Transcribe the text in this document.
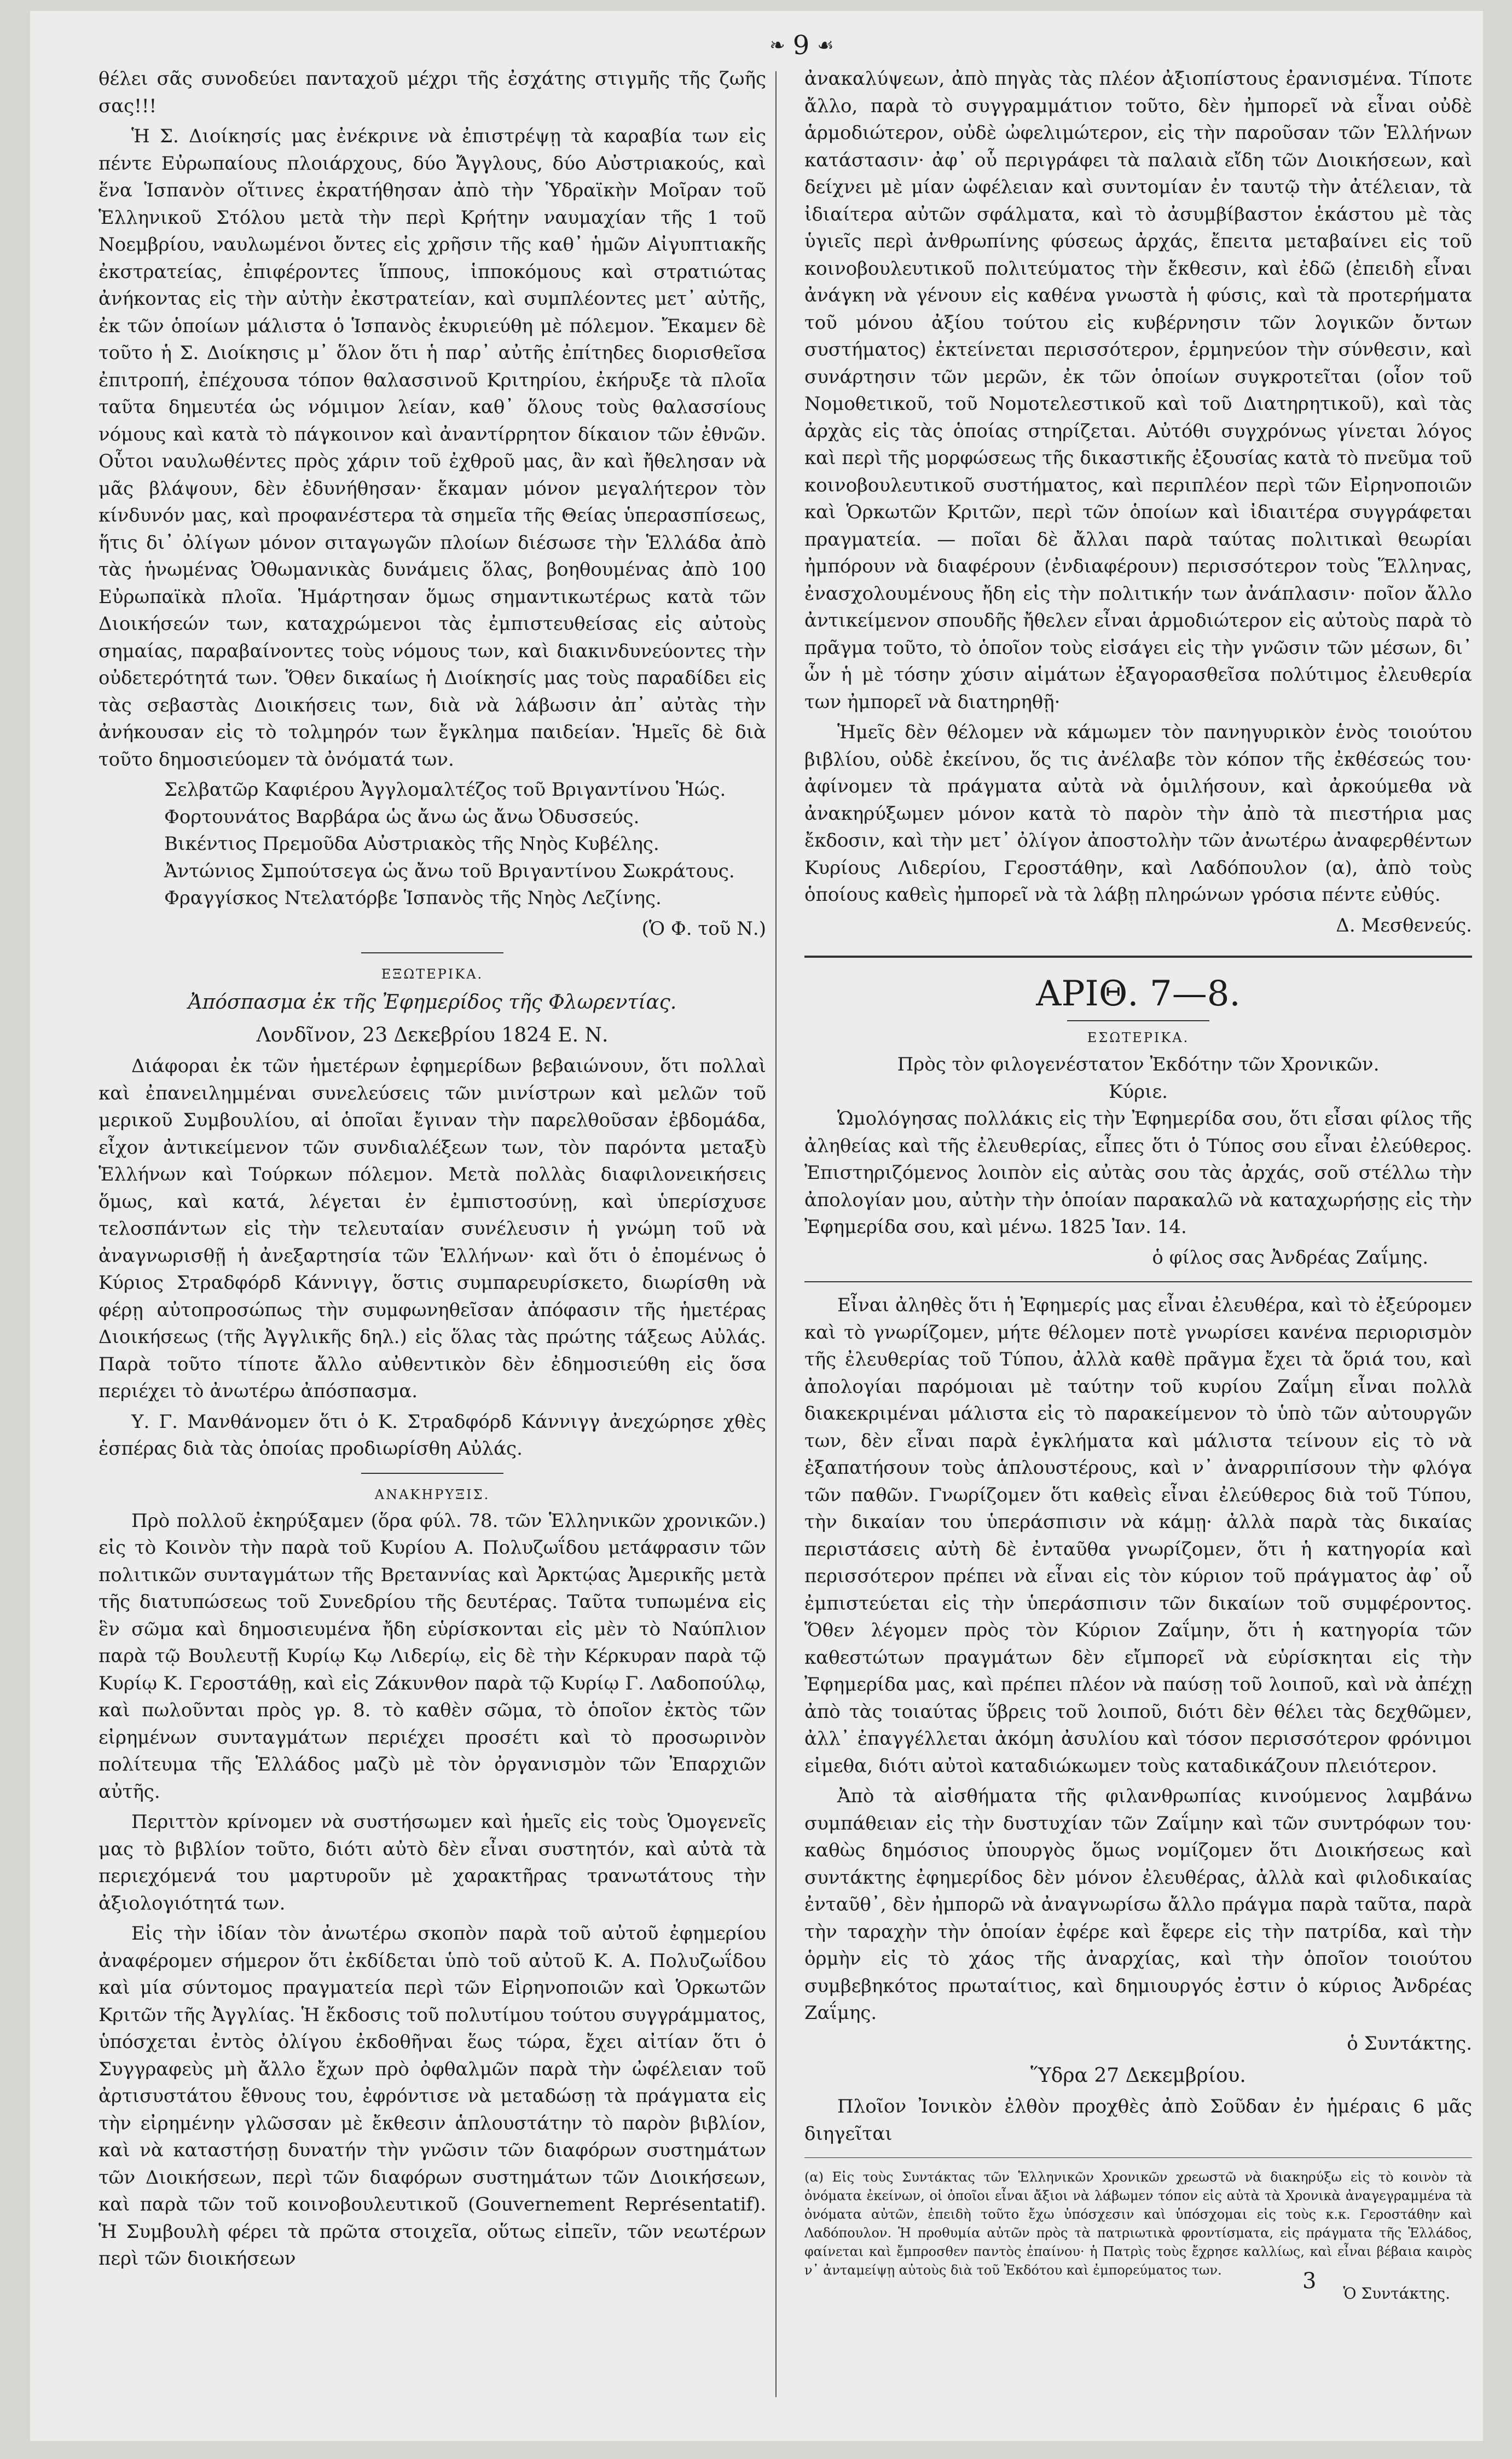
❧ 9 ☙

θέλει σᾶς συνοδεύει πανταχοῦ μέχρι τῆς ἐσχάτης στιγμῆς τῆς ζωῆς σας!!!

Ἡ Σ. Διοίκησίς μας ἐνέκρινε νὰ ἐπιστρέψῃ τὰ καραβία των εἰς πέντε Εὐρωπαίους πλοιάρχους, δύο Ἄγγλους, δύο Αὐστριακούς, καὶ ἕνα Ἱσπανὸν οἵτινες ἐκρατήθησαν ἀπὸ τὴν Ὑδραϊκὴν Μοῖραν τοῦ Ἑλληνικοῦ Στόλου μετὰ τὴν περὶ Κρήτην ναυμαχίαν τῆς 1 τοῦ Νοεμβρίου, ναυλωμένοι ὄντες εἰς χρῆσιν τῆς καθ᾿ ἡμῶν Αἰγυπτιακῆς ἐκστρατείας, ἐπιφέροντες ἵππους, ἱπποκόμους καὶ στρατιώτας ἀνήκοντας εἰς τὴν αὐτὴν ἐκστρατείαν, καὶ συμπλέοντες μετ᾿ αὐτῆς, ἐκ τῶν ὁποίων μάλιστα ὁ Ἱσπανὸς ἐκυριεύθη μὲ πόλεμον. Ἔκαμεν δὲ τοῦτο ἡ Σ. Διοίκησις μ᾿ ὅλον ὅτι ἡ παρ᾿ αὐτῆς ἐπίτηδες διορισθεῖσα ἐπιτροπή, ἐπέχουσα τόπον θαλασσινοῦ Κριτηρίου, ἐκήρυξε τὰ πλοῖα ταῦτα δημευτέα ὡς νόμιμον λείαν, καθ᾿ ὅλους τοὺς θαλασσίους νόμους καὶ κατὰ τὸ πάγκοινον καὶ ἀναντίρρητον δίκαιον τῶν ἐθνῶν. Οὗτοι ναυλωθέντες πρὸς χάριν τοῦ ἐχθροῦ μας, ἂν καὶ ἤθελησαν νὰ μᾶς βλάψουν, δὲν ἐδυνήθησαν· ἔκαμαν μόνον μεγαλήτερον τὸν κίνδυνόν μας, καὶ προφανέστερα τὰ σημεῖα τῆς Θείας ὑπερασπίσεως, ἥτις δι᾿ ὀλίγων μόνον σιταγωγῶν πλοίων διέσωσε τὴν Ἑλλάδα ἀπὸ τὰς ἡνωμένας Ὀθωμανικὰς δυνάμεις ὅλας, βοηθουμένας ἀπὸ 100 Εὐρωπαϊκὰ πλοῖα. Ἡμάρτησαν ὅμως σημαντικωτέρως κατὰ τῶν Διοικήσεών των, καταχρώμενοι τὰς ἐμπιστευθείσας εἰς αὐτοὺς σημαίας, παραβαίνοντες τοὺς νόμους των, καὶ διακινδυνεύοντες τὴν οὐδετερότητά των. Ὅθεν δικαίως ἡ Διοίκησίς μας τοὺς παραδίδει εἰς τὰς σεβαστὰς Διοικήσεις των, διὰ νὰ λάβωσιν ἀπ᾿ αὐτὰς τὴν ἀνήκουσαν εἰς τὸ τολμηρόν των ἔγκλημα παιδείαν. Ἡμεῖς δὲ διὰ τοῦτο δημοσιεύομεν τὰ ὀνόματά των.

Σελβατῶρ Καφιέρου Ἀγγλομαλτέζος τοῦ Βριγαντίνου Ἡώς.

Φορτουνάτος Βαρβάρα ὡς ἄνω ὡς ἄνω Ὀδυσσεύς.

Βικέντιος Πρεμοῦδα Αὐστριακὸς τῆς Νηὸς Κυβέλης.

Ἀντώνιος Σμπούτσεγα ὡς ἄνω τοῦ Βριγαντίνου Σωκράτους.

Φραγγίσκος Ντελατόρβε Ἱσπανὸς τῆς Νηὸς Λεζίνης.

(Ὁ Φ. τοῦ Ν.)
ΕΞΩΤΕΡΙΚΑ.
Ἀπόσπασμα ἐκ τῆς Ἐφημερίδος τῆς Φλωρεντίας.
Λονδῖνον, 23 Δεκεβρίου 1824 Ε. Ν.

Διάφοραι ἐκ τῶν ἡμετέρων ἐφημερίδων βεβαιώνουν, ὅτι πολλαὶ καὶ ἐπανειλημμέναι συνελεύσεις τῶν μινίστρων καὶ μελῶν τοῦ μερικοῦ Συμβουλίου, αἱ ὁποῖαι ἔγιναν τὴν παρελθοῦσαν ἑβδομάδα, εἶχον ἀντικείμενον τῶν συνδιαλέξεων των, τὸν παρόντα μεταξὺ Ἑλλήνων καὶ Τούρκων πόλεμον. Μετὰ πολλὰς διαφιλονεικήσεις ὅμως, καὶ κατά, λέγεται ἐν ἐμπιστοσύνῃ, καὶ ὑπερίσχυσε τελοσπάντων εἰς τὴν τελευταίαν συνέλευσιν ἡ γνώμη τοῦ νὰ ἀναγνωρισθῇ ἡ ἀνεξαρτησία τῶν Ἑλλήνων· καὶ ὅτι ὁ ἐπομένως ὁ Κύριος Στραδφόρδ Κάννιγγ, ὅστις συμπαρευρίσκετο, διωρίσθη νὰ φέρῃ αὐτοπροσώπως τὴν συμφωνηθεῖσαν ἀπόφασιν τῆς ἡμετέρας Διοικήσεως (τῆς Ἀγγλικῆς δηλ.) εἰς ὅλας τὰς πρώτης τάξεως Αὐλάς. Παρὰ τοῦτο τίποτε ἄλλο αὐθεντικὸν δὲν ἐδημοσιεύθη εἰς ὅσα περιέχει τὸ ἀνωτέρω ἀπόσπασμα.

Υ. Γ. Μανθάνομεν ὅτι ὁ Κ. Στραδφόρδ Κάννιγγ ἀνεχώρησε χθὲς ἑσπέρας διὰ τὰς ὁποίας προδιωρίσθη Αὐλάς.

ΑΝΑΚΗΡΥΞΙΣ.

Πρὸ πολλοῦ ἐκηρύξαμεν (ὅρα φύλ. 78. τῶν Ἑλληνικῶν χρονικῶν.) εἰς τὸ Κοινὸν τὴν παρὰ τοῦ Κυρίου Α. Πολυζωΐδου μετάφρασιν τῶν πολιτικῶν συνταγμάτων τῆς Βρεταννίας καὶ Ἀρκτῴας Ἀμερικῆς μετὰ τῆς διατυπώσεως τοῦ Συνεδρίου τῆς δευτέρας. Ταῦτα τυπωμένα εἰς ἓν σῶμα καὶ δημοσιευμένα ἤδη εὑρίσκονται εἰς μὲν τὸ Ναύπλιον παρὰ τῷ Βουλευτῇ Κυρίῳ Κῳ Λιδερίῳ, εἰς δὲ τὴν Κέρκυραν παρὰ τῷ Κυρίῳ Κ. Γεροστάθῃ, καὶ εἰς Ζάκυνθον παρὰ τῷ Κυρίῳ Γ. Λαδοπούλῳ, καὶ πωλοῦνται πρὸς γρ. 8. τὸ καθὲν σῶμα, τὸ ὁποῖον ἐκτὸς τῶν εἰρημένων συνταγμάτων περιέχει προσέτι καὶ τὸ προσωρινὸν πολίτευμα τῆς Ἑλλάδος μαζὺ μὲ τὸν ὀργανισμὸν τῶν Ἐπαρχιῶν αὐτῆς.

Περιττὸν κρίνομεν νὰ συστήσωμεν καὶ ἡμεῖς εἰς τοὺς Ὁμογενεῖς μας τὸ βιβλίον τοῦτο, διότι αὐτὸ δὲν εἶναι συστητόν, καὶ αὐτὰ τὰ περιεχόμενά του μαρτυροῦν μὲ χαρακτῆρας τρανωτάτους τὴν ἀξιολογιότητά των.

Εἰς τὴν ἰδίαν τὸν ἀνωτέρω σκοπὸν παρὰ τοῦ αὐτοῦ ἐφημερίου ἀναφέρομεν σήμερον ὅτι ἐκδίδεται ὑπὸ τοῦ αὐτοῦ Κ. Α. Πολυζωΐδου καὶ μία σύντομος πραγματεία περὶ τῶν Εἰρηνοποιῶν καὶ Ὁρκωτῶν Κριτῶν τῆς Ἀγγλίας. Ἡ ἔκδοσις τοῦ πολυτίμου τούτου συγγράμματος, ὑπόσχεται ἐντὸς ὀλίγου ἐκδοθῆναι ἕως τώρα, ἔχει αἰτίαν ὅτι ὁ Συγγραφεὺς μὴ ἄλλο ἔχων πρὸ ὀφθαλμῶν παρὰ τὴν ὠφέλειαν τοῦ ἀρτισυστάτου ἔθνους του, ἐφρόντισε νὰ μεταδώσῃ τὰ πράγματα εἰς τὴν εἰρημένην γλῶσσαν μὲ ἔκθεσιν ἁπλουστάτην τὸ παρὸν βιβλίον, καὶ νὰ καταστήσῃ δυνατήν τὴν γνῶσιν τῶν διαφόρων συστημάτων τῶν Διοικήσεων, περὶ τῶν διαφόρων συστημάτων τῶν Διοικήσεων, καὶ παρὰ τῶν τοῦ κοινοβουλευτικοῦ (Gouvernement Représentatif). Ἡ Συμβουλὴ φέρει τὰ πρῶτα στοιχεῖα, οὕτως εἰπεῖν, τῶν νεωτέρων περὶ τῶν διοικήσεων

ἀνακαλύψεων, ἀπὸ πηγὰς τὰς πλέον ἀξιοπίστους ἐρανισμένα. Τίποτε ἄλλο, παρὰ τὸ συγγραμμάτιον τοῦτο, δὲν ἠμπορεῖ νὰ εἶναι οὐδὲ ἁρμοδιώτερον, οὐδὲ ὠφελιμώτερον, εἰς τὴν παροῦσαν τῶν Ἑλλήνων κατάστασιν· ἀφ᾿ οὗ περιγράφει τὰ παλαιὰ εἴδη τῶν Διοικήσεων, καὶ δείχνει μὲ μίαν ὠφέλειαν καὶ συντομίαν ἐν ταυτῷ τὴν ἀτέλειαν, τὰ ἰδιαίτερα αὐτῶν σφάλματα, καὶ τὸ ἀσυμβίβαστον ἑκάστου μὲ τὰς ὑγιεῖς περὶ ἀνθρωπίνης φύσεως ἀρχάς, ἔπειτα μεταβαίνει εἰς τοῦ κοινοβουλευτικοῦ πολιτεύματος τὴν ἔκθεσιν, καὶ ἐδῶ (ἐπειδὴ εἶναι ἀνάγκη νὰ γένουν εἰς καθένα γνωστὰ ἡ φύσις, καὶ τὰ προτερήματα τοῦ μόνου ἀξίου τούτου εἰς κυβέρνησιν τῶν λογικῶν ὄντων συστήματος) ἐκτείνεται περισσότερον, ἑρμηνεύον τὴν σύνθεσιν, καὶ συνάρτησιν τῶν μερῶν, ἐκ τῶν ὁποίων συγκροτεῖται (οἷον τοῦ Νομοθετικοῦ, τοῦ Νομοτελεστικοῦ καὶ τοῦ Διατηρητικοῦ), καὶ τὰς ἀρχὰς εἰς τὰς ὁποίας στηρίζεται. Αὐτόθι συγχρόνως γίνεται λόγος καὶ περὶ τῆς μορφώσεως τῆς δικαστικῆς ἐξουσίας κατὰ τὸ πνεῦμα τοῦ κοινοβουλευτικοῦ συστήματος, καὶ περιπλέον περὶ τῶν Εἰρηνοποιῶν καὶ Ὁρκωτῶν Κριτῶν, περὶ τῶν ὁποίων καὶ ἰδιαιτέρα συγγράφεται πραγματεία. — ποῖαι δὲ ἄλλαι παρὰ ταύτας πολιτικαὶ θεωρίαι ἠμπόρουν νὰ διαφέρουν (ἐνδιαφέρουν) περισσότερον τοὺς Ἕλληνας, ἐνασχολουμένους ἤδη εἰς τὴν πολιτικήν των ἀνάπλασιν· ποῖον ἄλλο ἀντικείμενον σπουδῆς ἤθελεν εἶναι ἁρμοδιώτερον εἰς αὐτοὺς παρὰ τὸ πρᾶγμα τοῦτο, τὸ ὁποῖον τοὺς εἰσάγει εἰς τὴν γνῶσιν τῶν μέσων, δι᾿ ὧν ἡ μὲ τόσην χύσιν αἱμάτων ἐξαγορασθεῖσα πολύτιμος ἐλευθερία των ἠμπορεῖ νὰ διατηρηθῇ·

Ἡμεῖς δὲν θέλομεν νὰ κάμωμεν τὸν πανηγυρικὸν ἑνὸς τοιούτου βιβλίου, οὐδὲ ἐκείνου, ὅς τις ἀνέλαβε τὸν κόπον τῆς ἐκθέσεώς του· ἀφίνομεν τὰ πράγματα αὐτὰ νὰ ὁμιλήσουν, καὶ ἀρκούμεθα νὰ ἀνακηρύξωμεν μόνον κατὰ τὸ παρὸν τὴν ἀπὸ τὰ πιεστήρια μας ἔκδοσιν, καὶ τὴν μετ᾿ ὀλίγον ἀποστολὴν τῶν ἀνωτέρω ἀναφερθέντων Κυρίους Λιδερίου, Γεροστάθην, καὶ Λαδόπουλον (α), ἀπὸ τοὺς ὁποίους καθεὶς ἠμπορεῖ νὰ τὰ λάβῃ πληρώνων γρόσια πέντε εὐθύς.

Δ. Μεσθενεύς.
ΑΡΙΘ. 7—8.
ΕΣΩΤΕΡΙΚΑ.
Πρὸς τὸν φιλογενέστατον Ἐκδότην τῶν Χρονικῶν.
Κύριε.

Ὡμολόγησας πολλάκις εἰς τὴν Ἐφημερίδα σου, ὅτι εἶσαι φίλος τῆς ἀληθείας καὶ τῆς ἐλευθερίας, εἶπες ὅτι ὁ Τύπος σου εἶναι ἐλεύθερος. Ἐπιστηριζόμενος λοιπὸν εἰς αὐτὰς σου τὰς ἀρχάς, σοῦ στέλλω τὴν ἀπολογίαν μου, αὐτὴν τὴν ὁποίαν παρακαλῶ νὰ καταχωρήσῃς εἰς τὴν Ἐφημερίδα σου, καὶ μένω. 1825 Ἰαν. 14.

ὁ φίλος σας Ἀνδρέας Ζαΐμης.

Εἶναι ἀληθὲς ὅτι ἡ Ἐφημερίς μας εἶναι ἐλευθέρα, καὶ τὸ ἐξεύρομεν καὶ τὸ γνωρίζομεν, μήτε θέλομεν ποτὲ γνωρίσει κανένα περιορισμὸν τῆς ἐλευθερίας τοῦ Τύπου, ἀλλὰ καθὲ πρᾶγμα ἔχει τὰ ὅριά του, καὶ ἀπολογίαι παρόμοιαι μὲ ταύτην τοῦ κυρίου Ζαΐμη εἶναι πολλὰ διακεκριμέναι μάλιστα εἰς τὸ παρακείμενον τὸ ὑπὸ τῶν αὐτουργῶν των, δὲν εἶναι παρὰ ἐγκλήματα καὶ μάλιστα τείνουν εἰς τὸ νὰ ἐξαπατήσουν τοὺς ἁπλουστέρους, καὶ ν᾿ ἀναρριπίσουν τὴν φλόγα τῶν παθῶν. Γνωρίζομεν ὅτι καθεὶς εἶναι ἐλεύθερος διὰ τοῦ Τύπου, τὴν δικαίαν του ὑπεράσπισιν νὰ κάμῃ· ἀλλὰ παρὰ τὰς δικαίας περιστάσεις αὐτὴ δὲ ἐνταῦθα γνωρίζομεν, ὅτι ἡ κατηγορία καὶ περισσότερον πρέπει νὰ εἶναι εἰς τὸν κύριον τοῦ πράγματος ἀφ᾿ οὗ ἐμπιστεύεται εἰς τὴν ὑπεράσπισιν τῶν δικαίων τοῦ συμφέροντος. Ὅθεν λέγομεν πρὸς τὸν Κύριον Ζαΐμην, ὅτι ἡ κατηγορία τῶν καθεστώτων πραγμάτων δὲν εἴμπορεῖ νὰ εὑρίσκηται εἰς τὴν Ἐφημερίδα μας, καὶ πρέπει πλέον νὰ παύσῃ τοῦ λοιποῦ, καὶ νὰ ἀπέχῃ ἀπὸ τὰς τοιαύτας ὕβρεις τοῦ λοιποῦ, διότι δὲν θέλει τὰς δεχθῶμεν, ἀλλ᾿ ἐπαγγέλλεται ἀκόμη ἀσυλίου καὶ τόσον περισσότερον φρόνιμοι εἰμεθα, διότι αὐτοὶ καταδιώκωμεν τοὺς καταδικάζουν πλειότερον.

Ἀπὸ τὰ αἰσθήματα τῆς φιλανθρωπίας κινούμενος λαμβάνω συμπάθειαν εἰς τὴν δυστυχίαν τῶν Ζαΐμην καὶ τῶν συντρόφων του· καθὼς δημόσιος ὑπουργὸς ὅμως νομίζομεν ὅτι Διοικήσεως καὶ συντάκτης ἐφημερίδος δὲν μόνον ἐλευθέρας, ἀλλὰ καὶ φιλοδικαίας ἐνταῦθ᾿, δὲν ἠμπορῶ νὰ ἀναγνωρίσω ἄλλο πράγμα παρὰ ταῦτα, παρὰ τὴν ταραχὴν τὴν ὁποίαν ἐφέρε καὶ ἔφερε εἰς τὴν πατρίδα, καὶ τὴν ὁρμὴν εἰς τὸ χάος τῆς ἀναρχίας, καὶ τὴν ὁποῖον τοιούτου συμβεβηκότος πρωταίτιος, καὶ δημιουργός ἐστιν ὁ κύριος Ἀνδρέας Ζαΐμης.

ὁ Συντάκτης.
Ὕδρα 27 Δεκεμβρίου.

Πλοῖον Ἰονικὸν ἐλθὸν προχθὲς ἀπὸ Σοῦδαν ἐν ἡμέραις 6 μᾶς διηγεῖται

(α) Εἰς τοὺς Συντάκτας τῶν Ἑλληνικῶν Χρονικῶν χρεωστῶ νὰ διακηρύξω εἰς τὸ κοινὸν τὰ ὀνόματα ἐκείνων, οἱ ὁποῖοι εἶναι ἄξιοι νὰ λάβωμεν τόπον εἰς αὐτὰ τὰ Χρονικὰ ἀναγεγραμμένα τὰ ὀνόματα αὐτῶν, ἐπειδὴ τοῦτο ἔχω ὑπόσχεσιν καὶ ὑπόσχομαι εἰς τοὺς κ.κ. Γεροστάθην καὶ Λαδόπουλον. Ἡ προθυμία αὐτῶν πρὸς τὰ πατριωτικὰ φροντίσματα, εἰς πράγματα τῆς Ἑλλάδος, φαίνεται καὶ ἔμπροσθεν παντὸς ἐπαίνου· ἡ Πατρὶς τοὺς ἔχρησε καλλίως, καὶ εἶναι βέβαια καιρὸς ν᾿ ἀνταμείψῃ αὐτοὺς διὰ τοῦ Ἐκδότου καὶ ἐμπορεύματος των.
Ὁ Συντάκτης.
3
